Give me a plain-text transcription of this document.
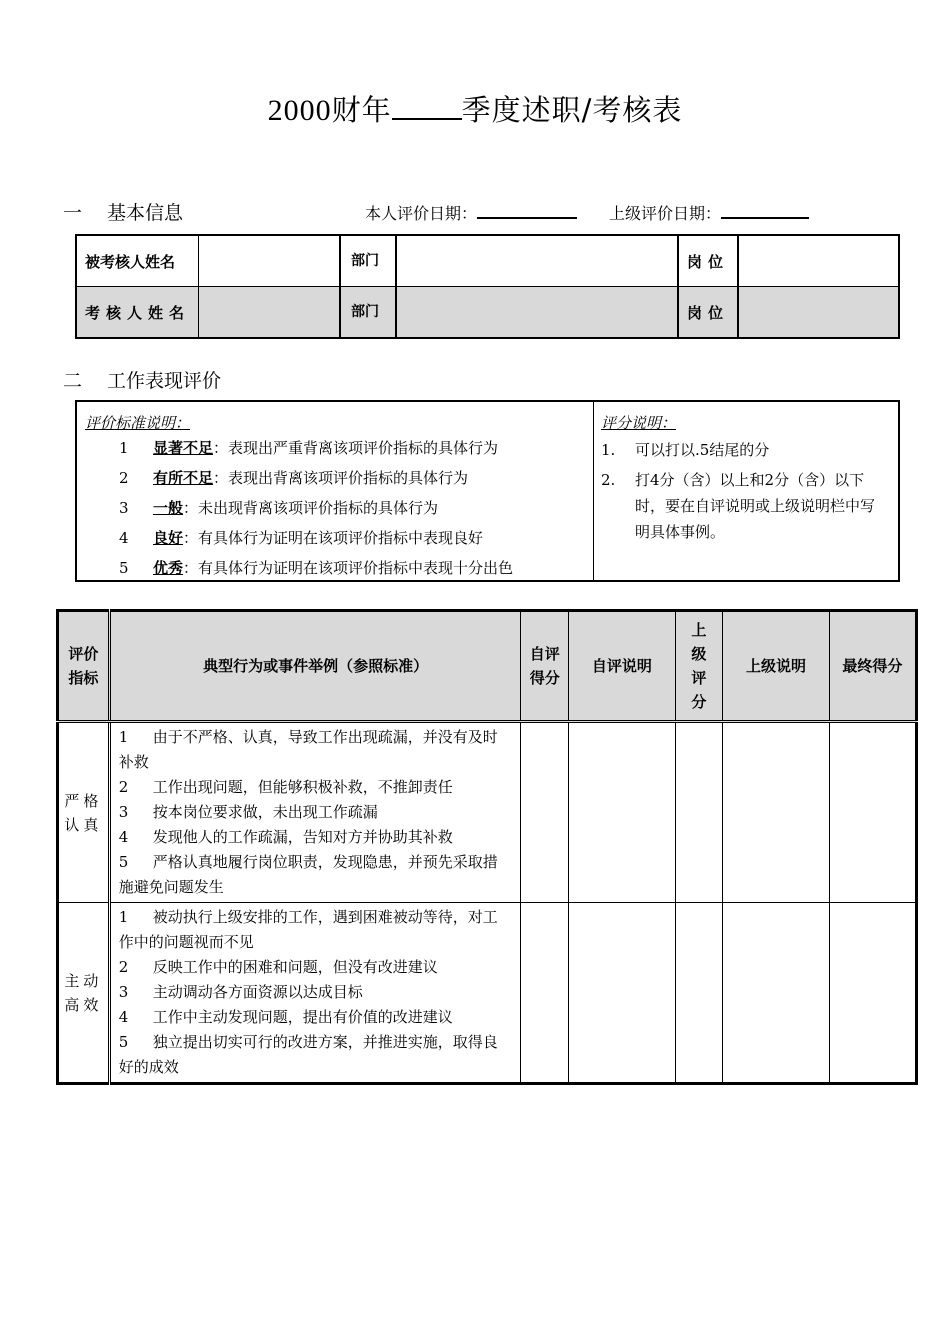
2000财年 季度述职/考核表
一 基本信息	本人评价日期：	上级评价日期：
被考核人姓名		部门		岗位	
考核人姓名		部门		岗位	
二 工作表现评价
评价标准说明：
1 显著不足：表现出严重背离该项评价指标的具体行为
2 有所不足：表现出背离该项评价指标的具体行为
3 一般：未出现背离该项评价指标的具体行为
4 良好：有具体行为证明在该项评价指标中表现良好
5 优秀：有具体行为证明在该项评价指标中表现十分出色
评分说明：
1. 可以打以.5结尾的分
2. 打4分（含）以上和2分（含）以下时，要在自评说明或上级说明栏中写明具体事例。
评价指标	典型行为或事件举例（参照标准）	自评得分	自评说明	上级评分	上级说明	最终得分

严格认真	1 由于不严格、认真，导致工作出现疏漏，并没有及时补救
2 工作出现问题，但能够积极补救，不推卸责任
3 按本岗位要求做，未出现工作疏漏
4 发现他人的工作疏漏，告知对方并协助其补救
5 严格认真地履行岗位职责，发现隐患，并预先采取措施避免问题发生					

主动高效	1 被动执行上级安排的工作，遇到困难被动等待，对工作中的问题视而不见
2 反映工作中的困难和问题，但没有改进建议
3 主动调动各方面资源以达成目标
4 工作中主动发现问题，提出有价值的改进建议
5 独立提出切实可行的改进方案，并推进实施，取得良好的成效					
